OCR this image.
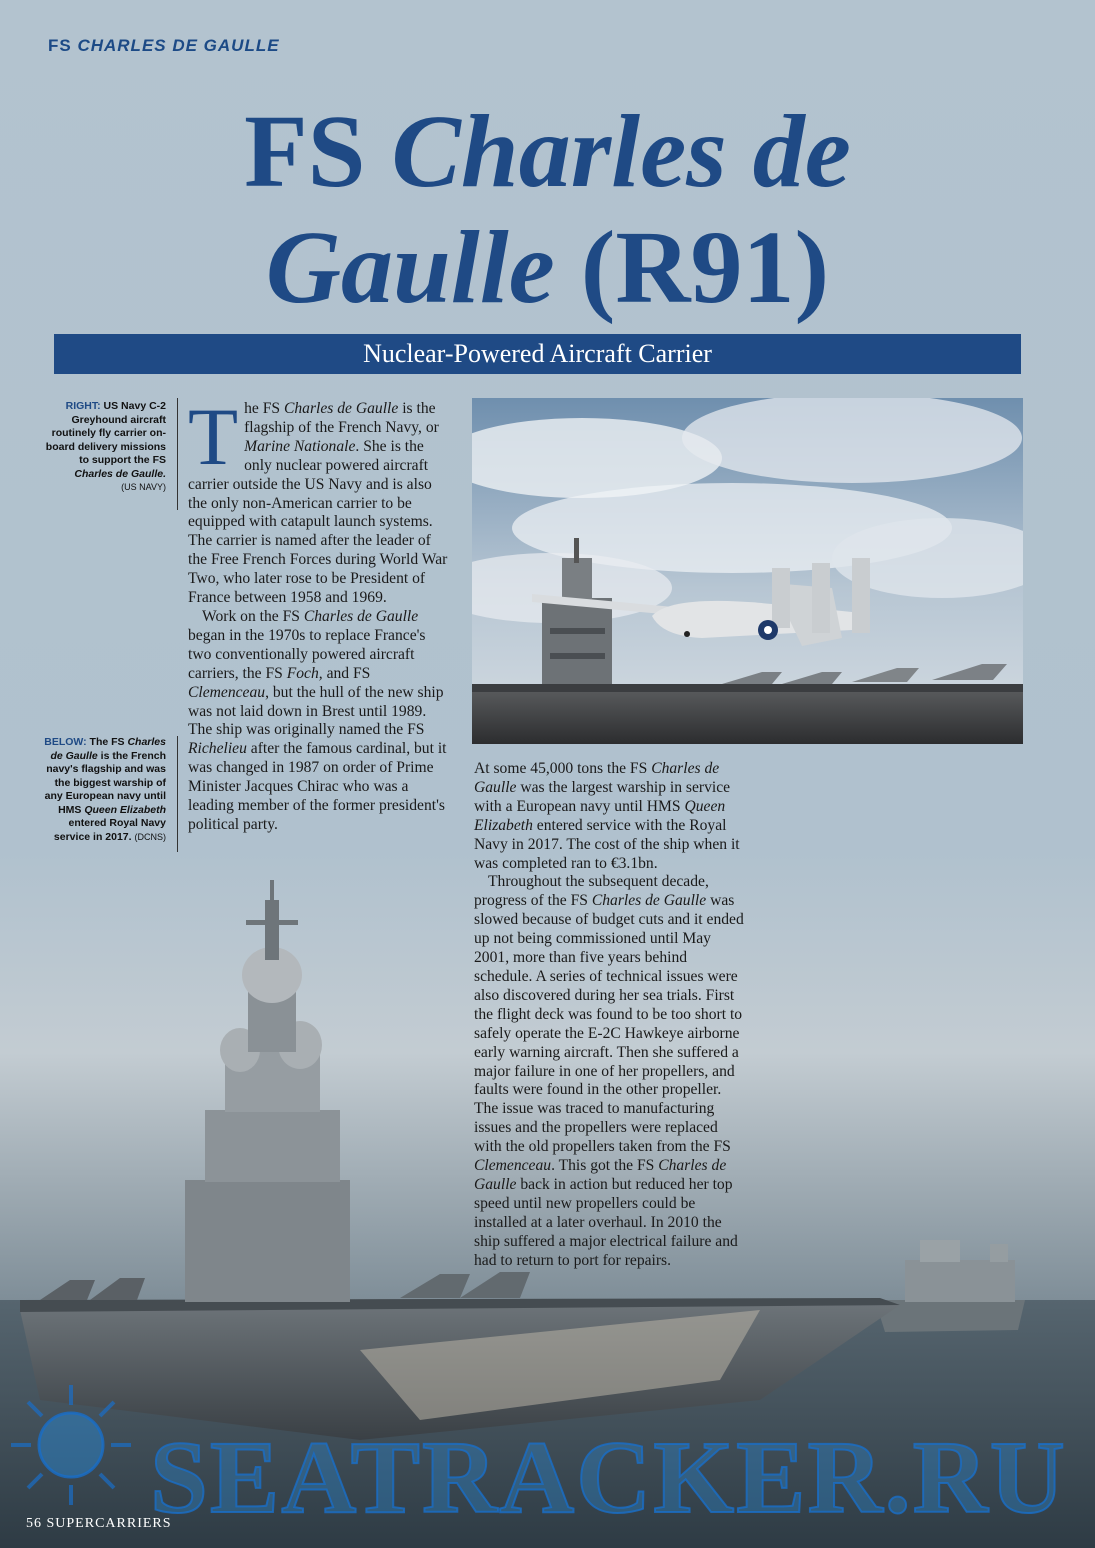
FS CHARLES DE GAULLE
FS Charles de
Gaulle (R91)
Nuclear-Powered Aircraft Carrier
RIGHT: US Navy C-2 Greyhound aircraft routinely fly carrier on-board delivery missions to support the FS Charles de Gaulle.
(US NAVY)
BELOW: The FS Charles de Gaulle is the French navy's flagship and was the biggest warship of any European navy until HMS Queen Elizabeth entered Royal Navy service in 2017. (DCNS)

The FS Charles de Gaulle is the flagship of the French Navy, or Marine Nationale. She is the only nuclear powered aircraft carrier outside the US Navy and is also the only non-American carrier to be equipped with catapult launch systems. The carrier is named after the leader of the Free French Forces during World War Two, who later rose to be President of France between 1958 and 1969.

Work on the FS Charles de Gaulle began in the 1970s to replace France's two conventionally powered aircraft carriers, the FS Foch, and FS Clemenceau, but the hull of the new ship was not laid down in Brest until 1989. The ship was originally named the FS Richelieu after the famous cardinal, but it was changed in 1987 on order of Prime Minister Jacques Chirac who was a leading member of the former president's political party.

At some 45,000 tons the FS Charles de Gaulle was the largest warship in service with a European navy until HMS Queen Elizabeth entered service with the Royal Navy in 2017. The cost of the ship when it was completed ran to €3.1bn.

Throughout the subsequent decade, progress of the FS Charles de Gaulle was slowed because of budget cuts and it ended up not being commissioned until May 2001, more than five years behind schedule. A series of technical issues were also discovered during her sea trials. First the flight deck was found to be too short to safely operate the E-2C Hawkeye airborne early warning aircraft. Then she suffered a major failure in one of her propellers, and faults were found in the other propeller. The issue was traced to manufacturing issues and the propellers were replaced with the old propellers taken from the FS Clemenceau. This got the FS Charles de Gaulle back in action but reduced her top speed until new propellers could be installed at a later overhaul. In 2010 the ship suffered a major electrical failure and had to return to port for repairs.

SEATRACKER.RU
56 SUPERCARRIERS
